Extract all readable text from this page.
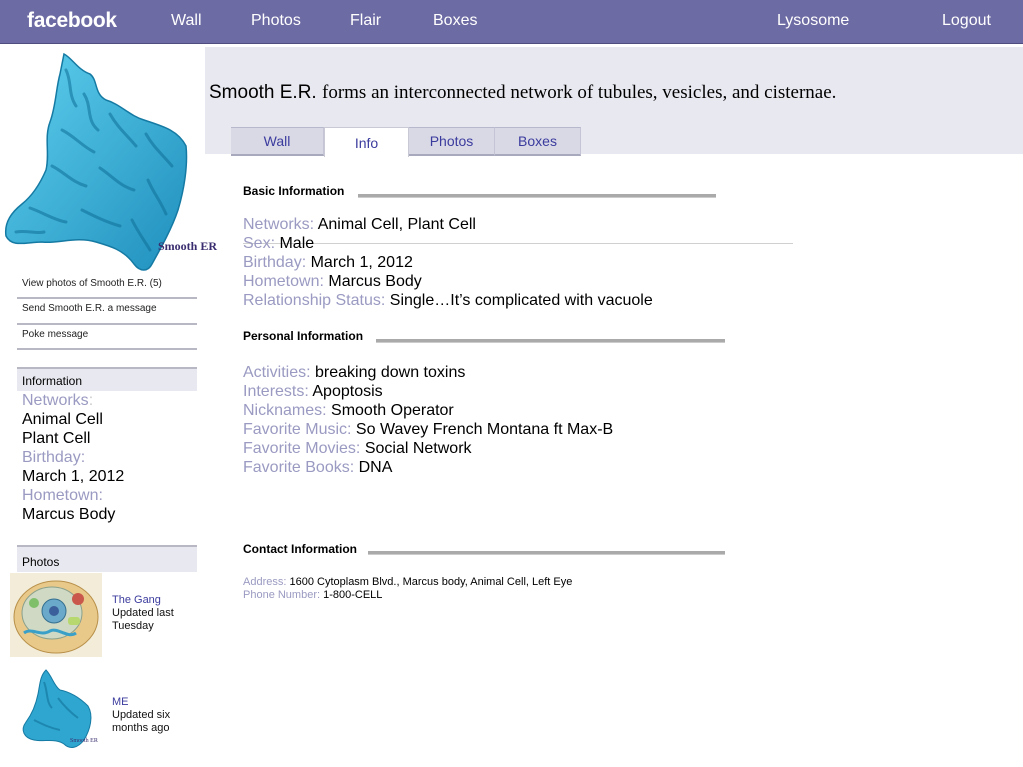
facebook	Wall	Photos	Flair	Boxes	Lysosome	Logout
Smooth E.R. forms an interconnected network of tubules, vesicles, and cisternae.
Wall	Info	Photos	Boxes
Smooth ER
View photos of Smooth E.R. (5)
Send Smooth E.R. a message
Poke message
Information
Networks:
Animal Cell
Plant Cell
Birthday:
March 1, 2012
Hometown:
Marcus Body
Photos
The Gang
Updated last Tuesday
Smooth ER
ME
Updated six months ago
Basic Information
Networks: Animal Cell, Plant Cell
Sex: Male
Birthday: March 1, 2012
Hometown: Marcus Body
Relationship Status: Single…It’s complicated with vacuole
Personal Information
Activities: breaking down toxins
Interests: Apoptosis
Nicknames: Smooth Operator
Favorite Music: So Wavey French Montana ft Max-B
Favorite Movies: Social Network
Favorite Books: DNA
Contact Information
Address: 1600 Cytoplasm Blvd., Marcus body, Animal Cell, Left Eye
Phone Number: 1-800-CELL
